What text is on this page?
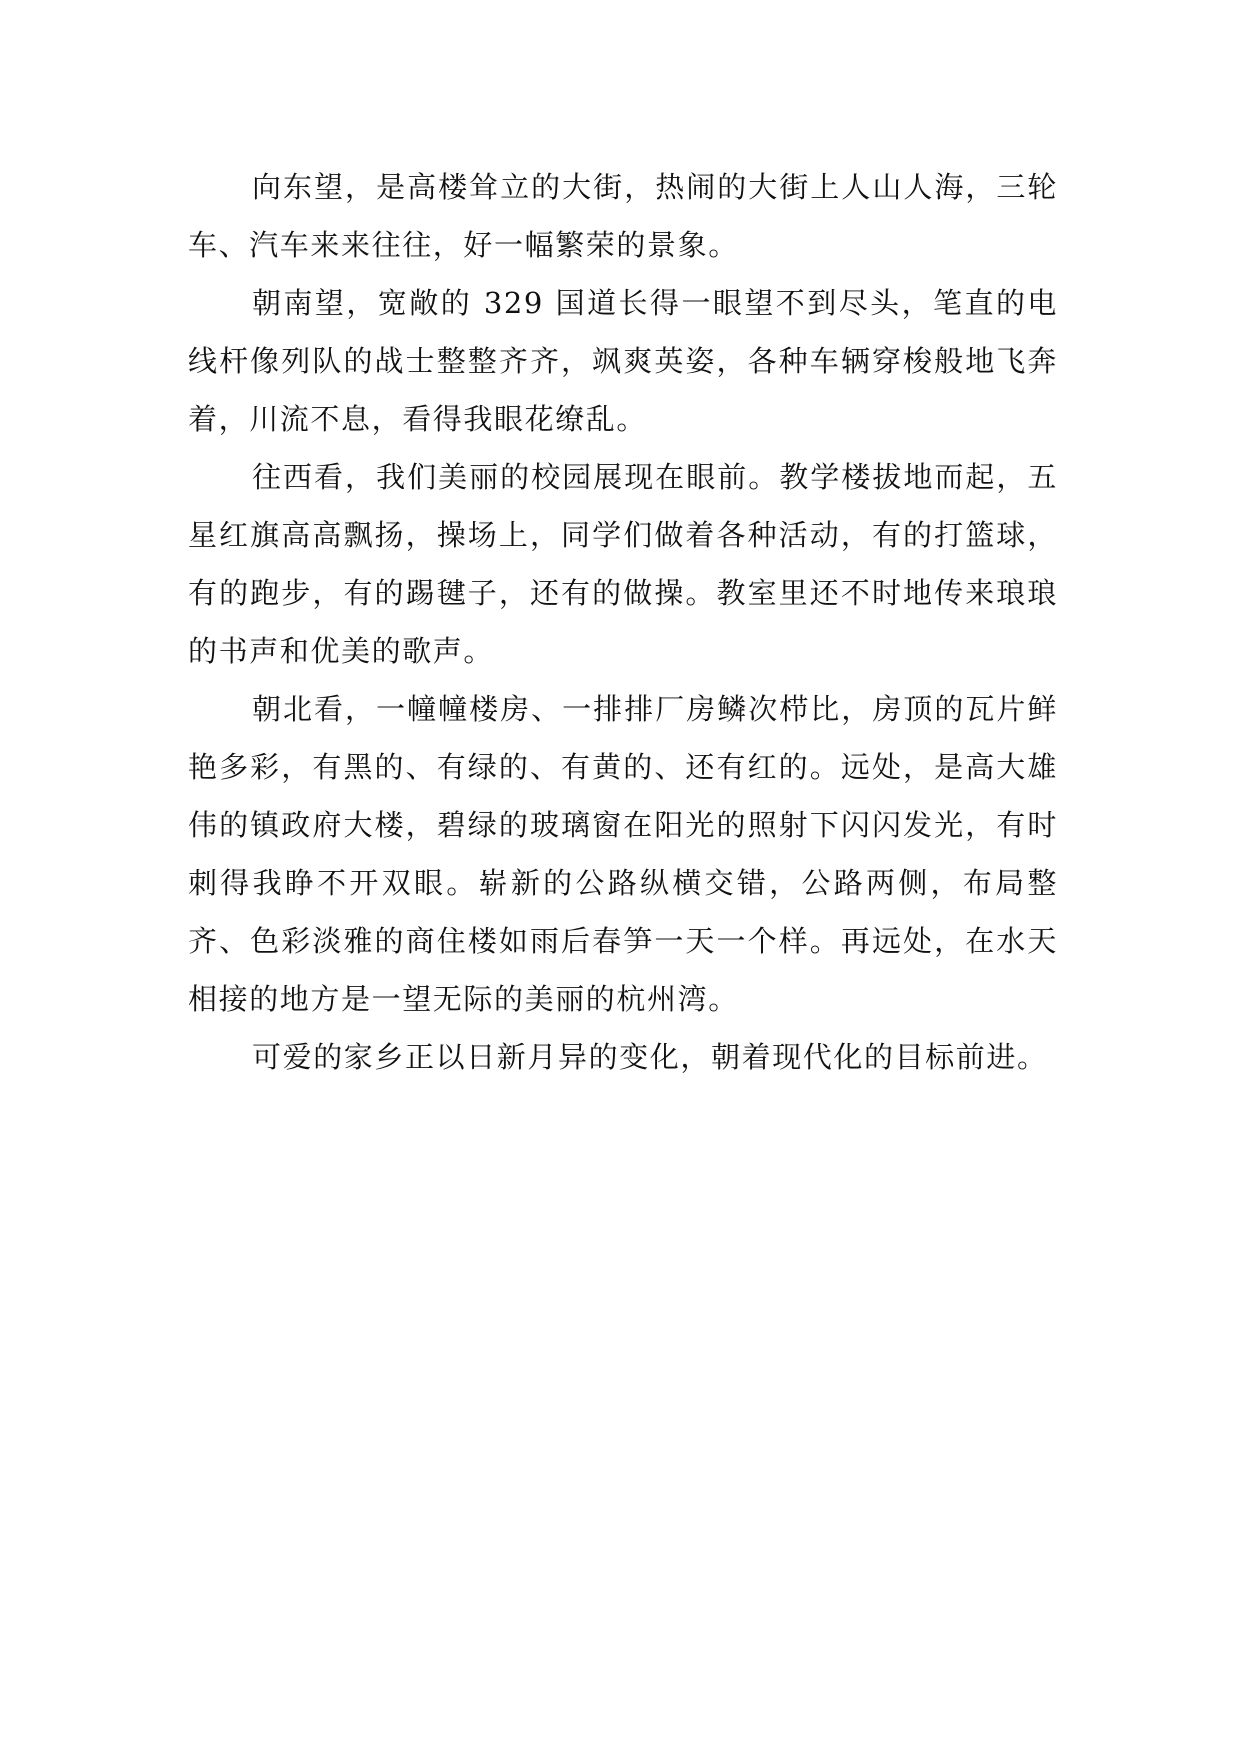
向东望，是高楼耸立的大街，热闹的大街上人山人海，三轮车、汽车来来往往，好一幅繁荣的景象。

朝南望，宽敞的 329 国道长得一眼望不到尽头，笔直的电线杆像列队的战士整整齐齐，飒爽英姿，各种车辆穿梭般地飞奔着，川流不息，看得我眼花缭乱。

往西看，我们美丽的校园展现在眼前。教学楼拔地而起，五星红旗高高飘扬，操场上，同学们做着各种活动，有的打篮球，有的跑步，有的踢毽子，还有的做操。教室里还不时地传来琅琅的书声和优美的歌声。

朝北看，一幢幢楼房、一排排厂房鳞次栉比，房顶的瓦片鲜艳多彩，有黑的、有绿的、有黄的、还有红的。远处，是高大雄伟的镇政府大楼，碧绿的玻璃窗在阳光的照射下闪闪发光，有时刺得我睁不开双眼。崭新的公路纵横交错，公路两侧，布局整齐、色彩淡雅的商住楼如雨后春笋一天一个样。再远处，在水天相接的地方是一望无际的美丽的杭州湾。

可爱的家乡正以日新月异的变化，朝着现代化的目标前进。
